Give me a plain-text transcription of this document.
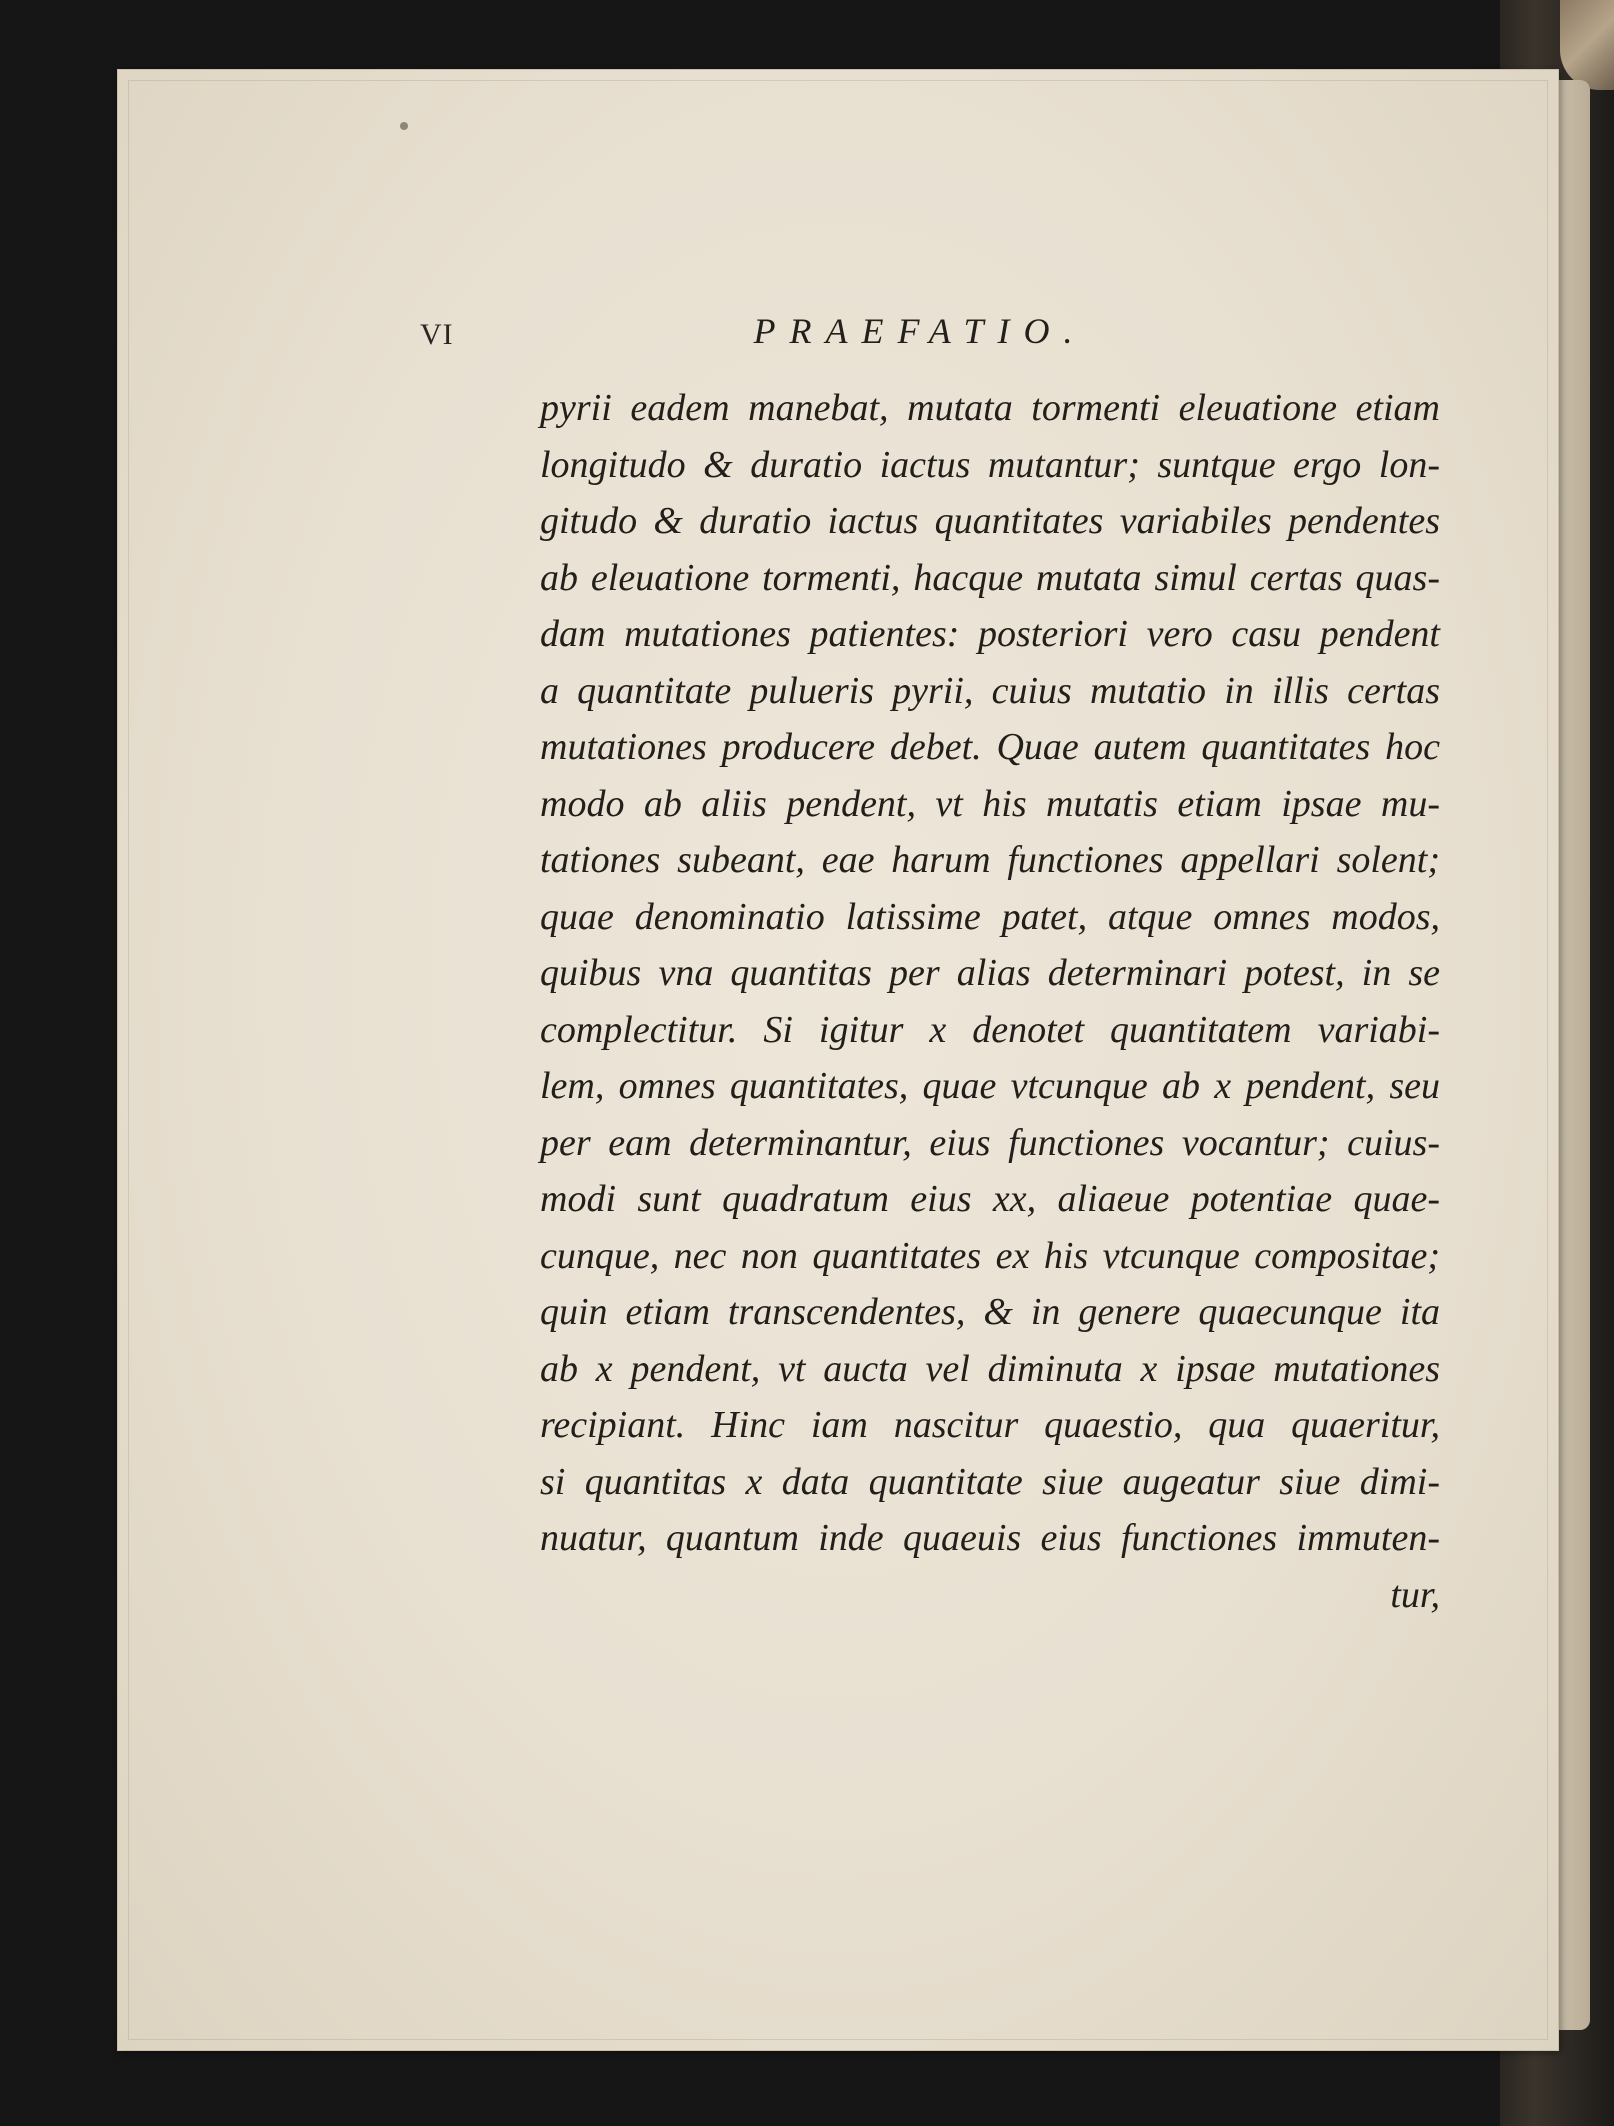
VI	PRAEFATIO.
pyrii eadem manebat, mutata tormenti eleuatione etiam
longitudo & duratio iactus mutantur; suntque ergo lon-
gitudo & duratio iactus quantitates variabiles pendentes
ab eleuatione tormenti, hacque mutata simul certas quas-
dam mutationes patientes: posteriori vero casu pendent
a quantitate pulueris pyrii, cuius mutatio in illis certas
mutationes producere debet. Quae autem quantitates hoc
modo ab aliis pendent, vt his mutatis etiam ipsae mu-
tationes subeant, eae harum functiones appellari solent;
quae denominatio latissime patet, atque omnes modos,
quibus vna quantitas per alias determinari potest, in se
complectitur. Si igitur x denotet quantitatem variabi-
lem, omnes quantitates, quae vtcunque ab x pendent, seu
per eam determinantur, eius functiones vocantur; cuius-
modi sunt quadratum eius xx, aliaeue potentiae quae-
cunque, nec non quantitates ex his vtcunque compositae;
quin etiam transcendentes, & in genere quaecunque ita
ab x pendent, vt aucta vel diminuta x ipsae mutationes
recipiant. Hinc iam nascitur quaestio, qua quaeritur,
si quantitas x data quantitate siue augeatur siue dimi-
nuatur, quantum inde quaeuis eius functiones immuten-
tur,
